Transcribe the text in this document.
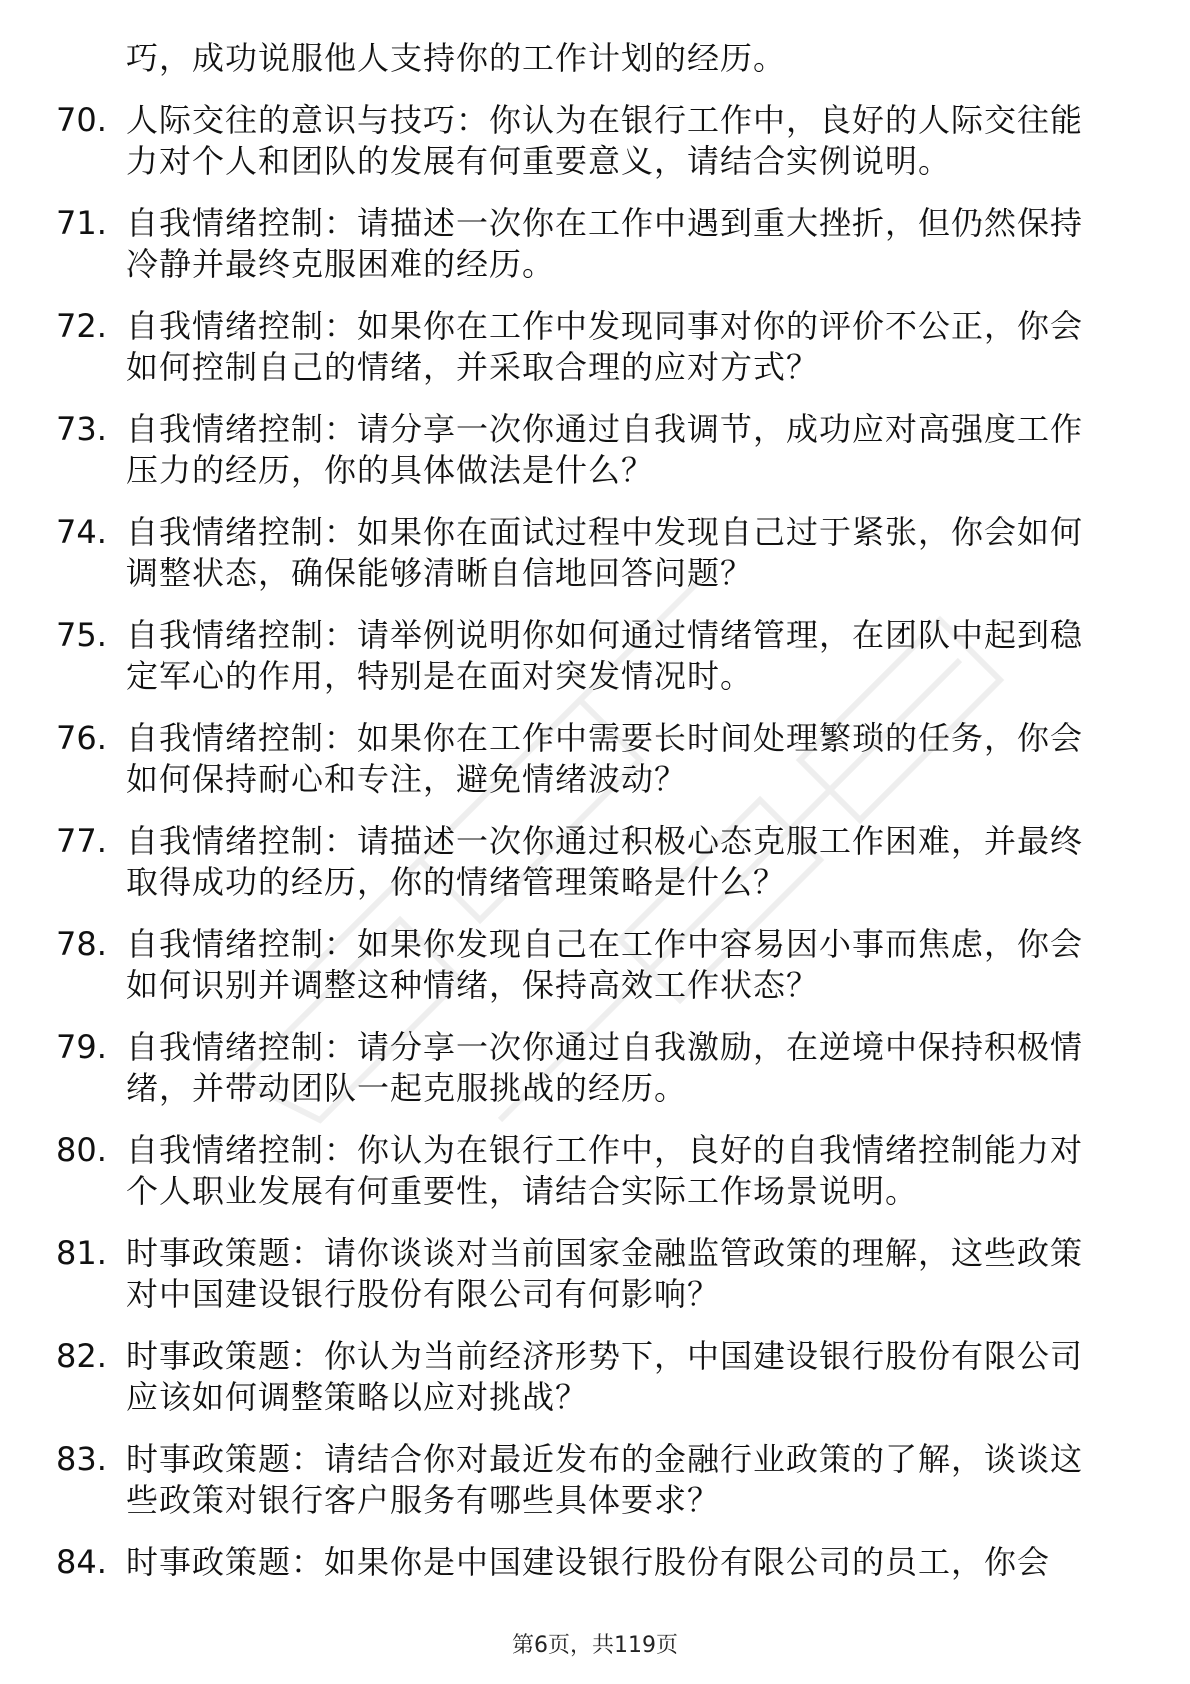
巧，成功说服他人支持你的工作计划的经历。
70. 人际交往的意识与技巧：你认为在银行工作中，良好的人际交往能力对个人和团队的发展有何重要意义，请结合实例说明。
71. 自我情绪控制：请描述一次你在工作中遇到重大挫折，但仍然保持冷静并最终克服困难的经历。
72. 自我情绪控制：如果你在工作中发现同事对你的评价不公正，你会如何控制自己的情绪，并采取合理的应对方式？
73. 自我情绪控制：请分享一次你通过自我调节，成功应对高强度工作压力的经历，你的具体做法是什么？
74. 自我情绪控制：如果你在面试过程中发现自己过于紧张，你会如何调整状态，确保能够清晰自信地回答问题？
75. 自我情绪控制：请举例说明你如何通过情绪管理，在团队中起到稳定军心的作用，特别是在面对突发情况时。
76. 自我情绪控制：如果你在工作中需要长时间处理繁琐的任务，你会如何保持耐心和专注，避免情绪波动？
77. 自我情绪控制：请描述一次你通过积极心态克服工作困难，并最终取得成功的经历，你的情绪管理策略是什么？
78. 自我情绪控制：如果你发现自己在工作中容易因小事而焦虑，你会如何识别并调整这种情绪，保持高效工作状态？
79. 自我情绪控制：请分享一次你通过自我激励，在逆境中保持积极情绪，并带动团队一起克服挑战的经历。
80. 自我情绪控制：你认为在银行工作中，良好的自我情绪控制能力对个人职业发展有何重要性，请结合实际工作场景说明。
81. 时事政策题：请你谈谈对当前国家金融监管政策的理解，这些政策对中国建设银行股份有限公司有何影响？
82. 时事政策题：你认为当前经济形势下，中国建设银行股份有限公司应该如何调整策略以应对挑战？
83. 时事政策题：请结合你对最近发布的金融行业政策的了解，谈谈这些政策对银行客户服务有哪些具体要求？
84. 时事政策题：如果你是中国建设银行股份有限公司的员工，你会
第6页，共119页
